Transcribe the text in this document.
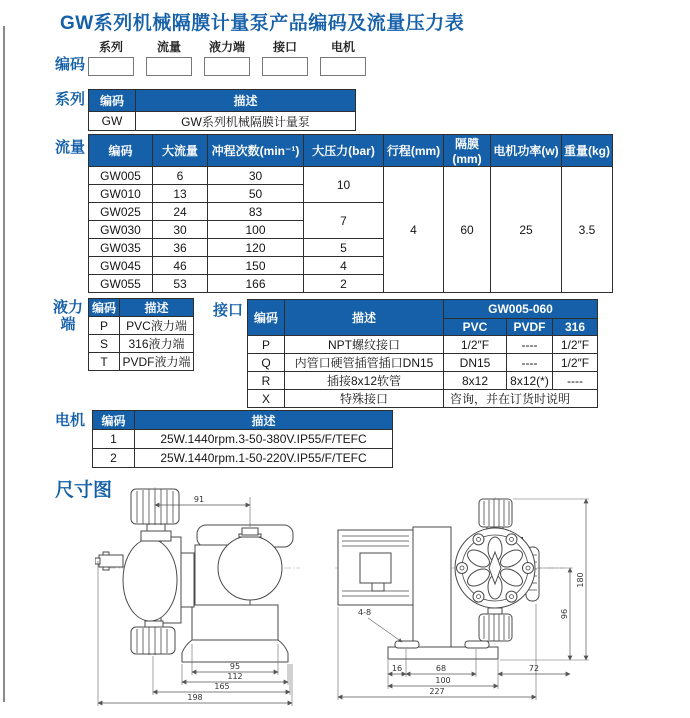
GW系列机械隔膜计量泵产品编码及流量压力表
编码
系列	流量 液力端 接口	电机
系列 编码	描述
GW	GW系列机械隔膜计量泵
流量 编码	大流量	冲程次数(min⁻¹)	大压力(bar)	行程(mm)	隔膜(mm)	电机功率(w)	重量(kg)
GW005	6	30	10	4	60	25	3.5
GW010	13	50					
GW025	24	83	7				
GW030	30	100					
GW035	36	120	5				
GW045	46	150	4				
GW055	53	166	2				
液力端
编码	描述
P	PVC液力端
S	316液力端
T	PVDF液力端
接口 编码	描述	GW005-060		
		PVC	PVDF	316
P	NPT螺纹接口	1/2″F	----	1/2″F
Q	内管口硬管插管插口DN15	DN15	----	1/2″F
R	插接8x12软管	8x12	8x12(*)	----
X	特殊接口	咨询，并在订货时说明		
电机 编码	描述
1	25W.1440rpm.3-50-380V.IP55/F/TEFC
2	25W.1440rpm.1-50-220V.IP55/F/TEFC
尺寸图	91
95
112
165
198
4-8
16	68
100
227
72
96
180
